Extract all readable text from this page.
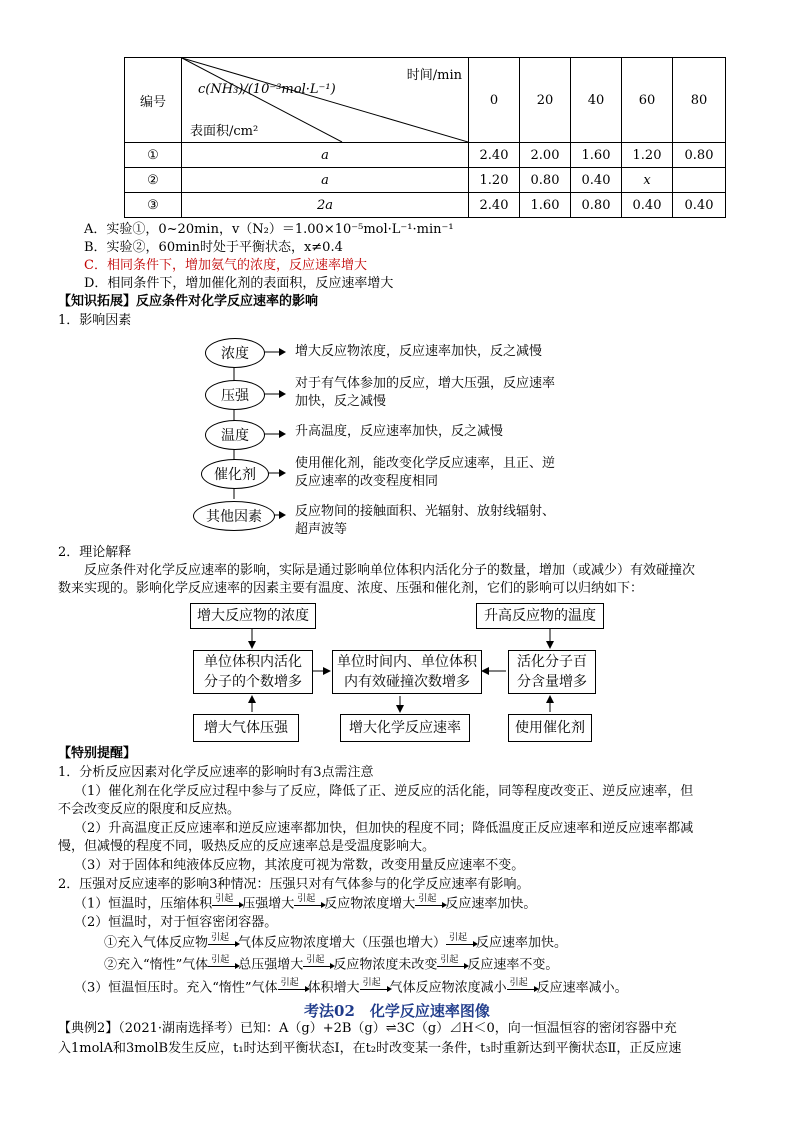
编号	时间/min
c(NH₃)/(10⁻³mol·L⁻¹)
表面积/cm²	0	20	40	60	80
①	a	2.40	2.00	1.60	1.20	0.80
②	a	1.20	0.80	0.40	x	
③	2a	2.40	1.60	0.80	0.40	0.40
A．实验①，0~20min，v（N₂）＝1.00×10⁻⁵mol·L⁻¹·min⁻¹
B．实验②，60min时处于平衡状态，x≠0.4
C．相同条件下，增加氨气的浓度，反应速率增大
D．相同条件下，增加催化剂的表面积，反应速率增大
【知识拓展】反应条件对化学反应速率的影响
1．影响因素
浓度	增大反应物浓度，反应速率加快，反之减慢
压强
对于有气体参加的反应，增大压强，反应速率
加快，反之减慢
温度	升高温度，反应速率加快，反之减慢
催化剂
使用催化剂，能改变化学反应速率，且正、逆
反应速率的改变程度相同
其他因素	反应物间的接触面积、光辐射、放射线辐射、
超声波等
2．理论解释
反应条件对化学反应速率的影响，实际是通过影响单位体积内活化分子的数量，增加（或减少）有效碰撞次
数来实现的。影响化学反应速率的因素主要有温度、浓度、压强和催化剂，它们的影响可以归纳如下：
增大反应物的浓度	升高反应物的温度
单位体积内活化
分子的个数增多
单位时间内、单位体积
内有效碰撞次数增多
活化分子百
分含量增多
增大气体压强	增大化学反应速率	使用催化剂
【特别提醒】
1．分析反应因素对化学反应速率的影响时有3点需注意
（1）催化剂在化学反应过程中参与了反应，降低了正、逆反应的活化能，同等程度改变正、逆反应速率，但
不会改变反应的限度和反应热。
（2）升高温度正反应速率和逆反应速率都加快，但加快的程度不同；降低温度正反应速率和逆反应速率都减
慢，但减慢的程度不同，吸热反应的反应速率总是受温度影响大。
（3）对于固体和纯液体反应物，其浓度可视为常数，改变用量反应速率不变。
2．压强对反应速率的影响3种情况：压强只对有气体参与的化学反应速率有影响。
（1）恒温时，压缩体积 引起 压强增大 引起 反应物浓度增大 引起 反应速率加快。
（2）恒温时，对于恒容密闭容器。
①充入气体反应物 引起 气体反应物浓度增大（压强也增大） 引起 反应速率加快。
②充入“惰性”气体 引起 总压强增大 引起 反应物浓度未改变 引起 反应速率不变。
（3）恒温恒压时。充入“惰性”气体 引起 体积增大 引起 气体反应物浓度减小 引起 反应速率减小。
考法02　化学反应速率图像
【典例2】（2021·湖南选择考）已知：A（g）+2B（g）⇌3C（g）⊿H＜0，向一恒温恒容的密闭容器中充
入1molA和3molB发生反应，t₁时达到平衡状态Ⅰ，在t₂时改变某一条件，t₃时重新达到平衡状态Ⅱ，正反应速
